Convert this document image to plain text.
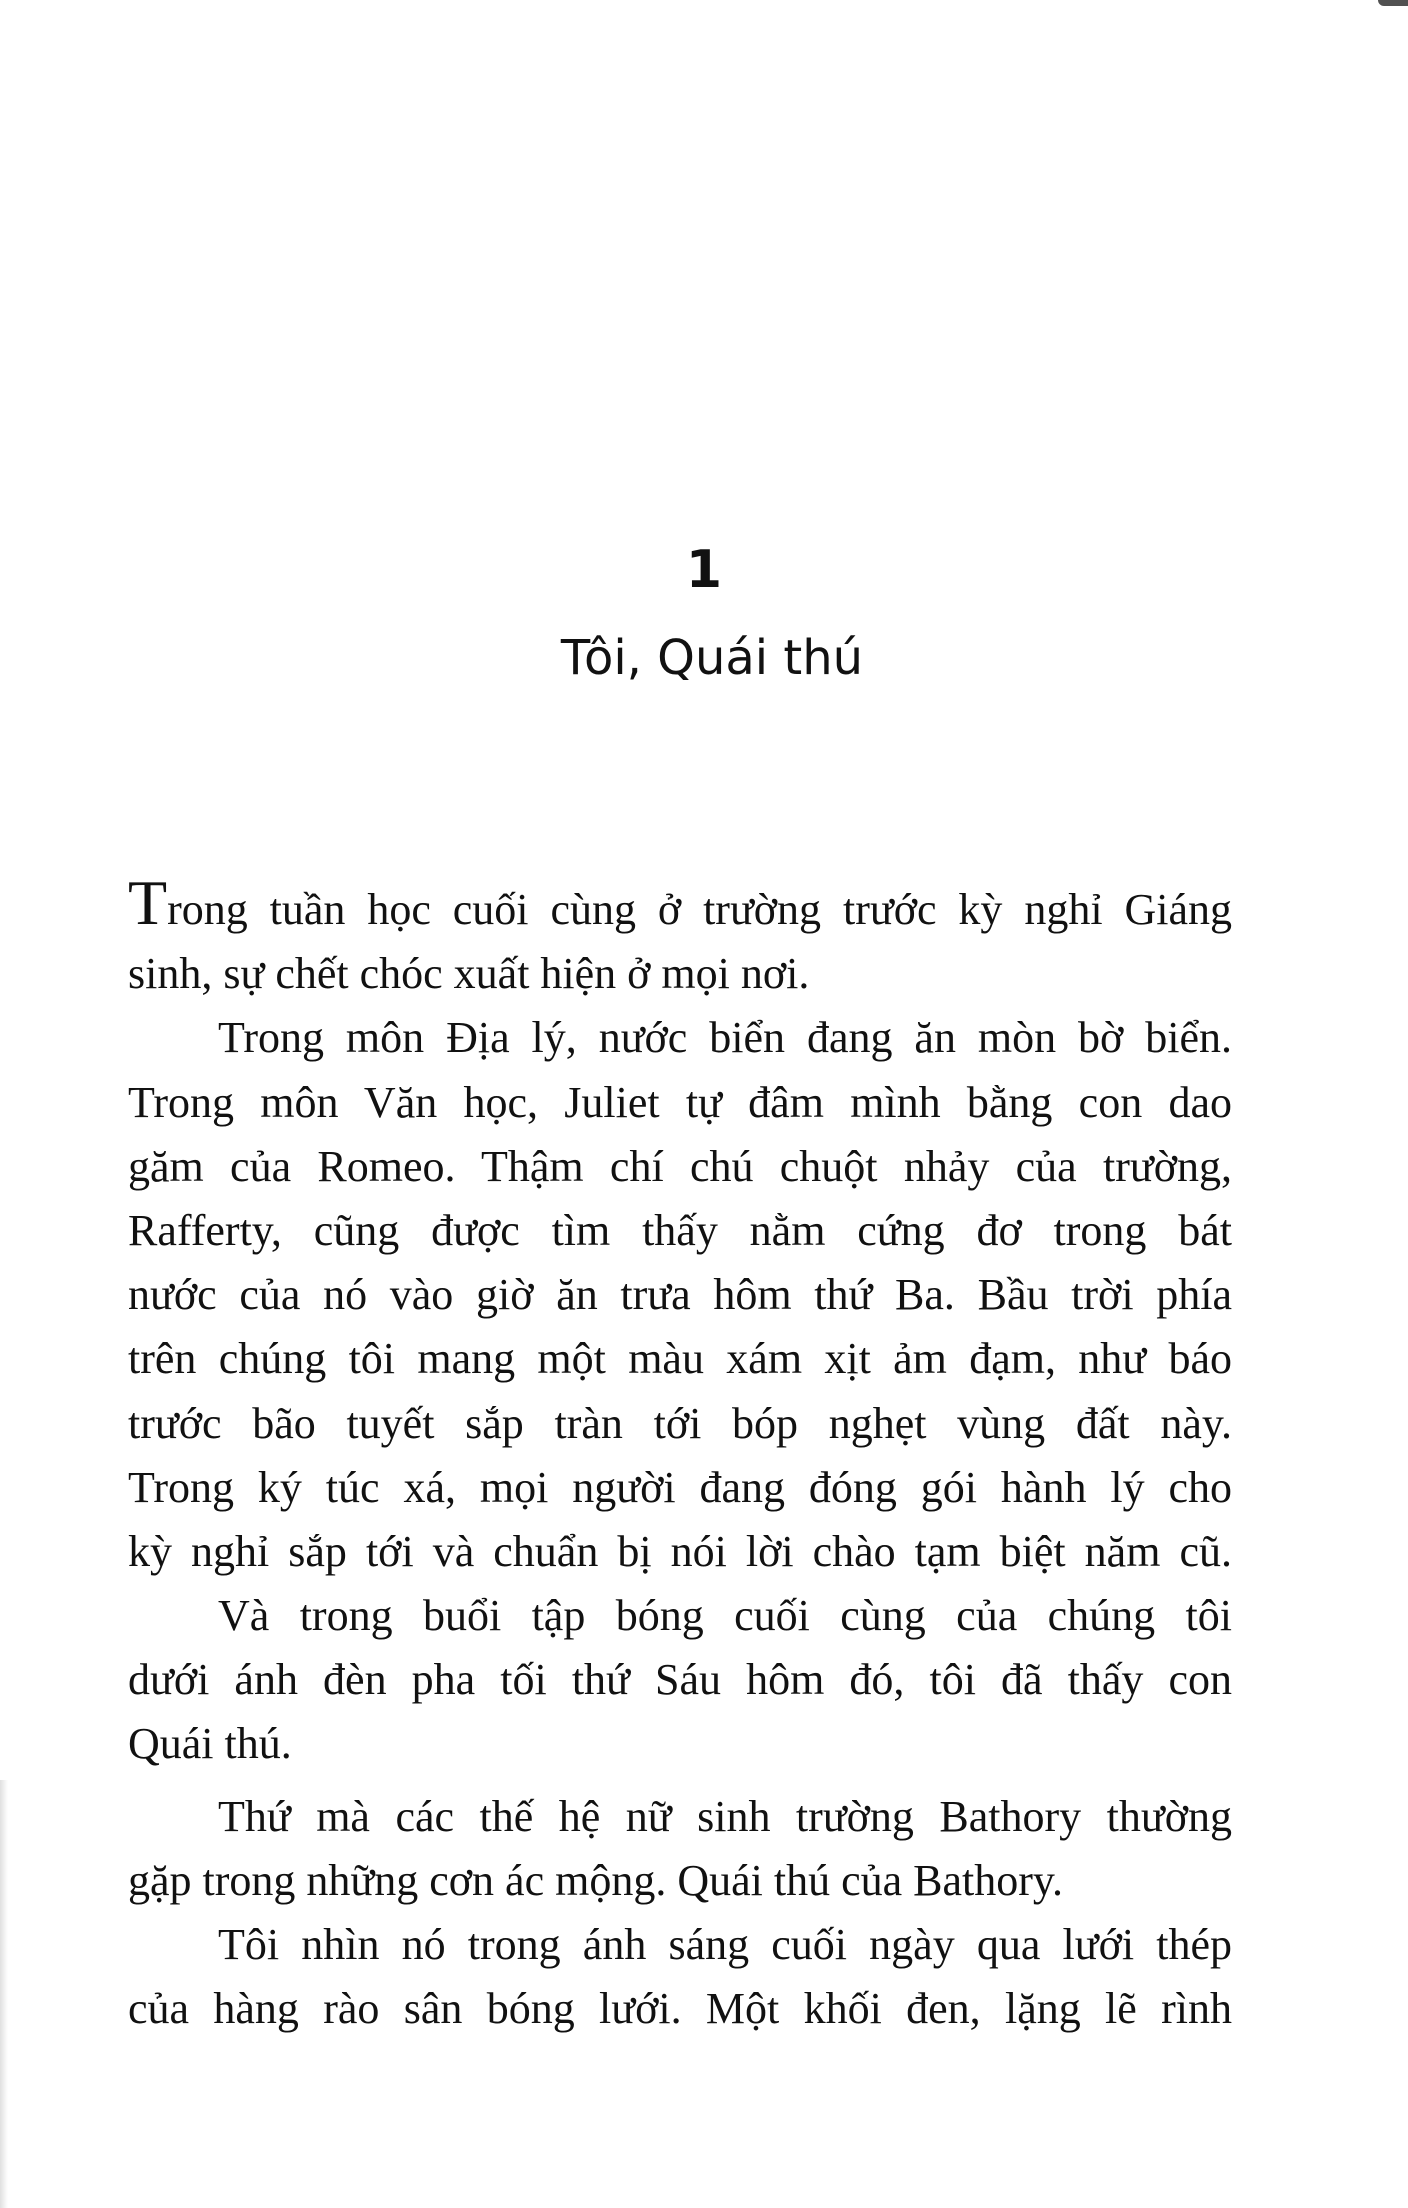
1
Tôi, Quái thú
Trong tuần học cuối cùng ở trường trước kỳ nghỉ Giáng
sinh, sự chết chóc xuất hiện ở mọi nơi.
Trong môn Địa lý, nước biển đang ăn mòn bờ biển.
Trong môn Văn học, Juliet tự đâm mình bằng con dao
găm của Romeo. Thậm chí chú chuột nhảy của trường,
Rafferty, cũng được tìm thấy nằm cứng đơ trong bát
nước của nó vào giờ ăn trưa hôm thứ Ba. Bầu trời phía
trên chúng tôi mang một màu xám xịt ảm đạm, như báo
trước bão tuyết sắp tràn tới bóp nghẹt vùng đất này.
Trong ký túc xá, mọi người đang đóng gói hành lý cho
kỳ nghỉ sắp tới và chuẩn bị nói lời chào tạm biệt năm cũ.
Và trong buổi tập bóng cuối cùng của chúng tôi
dưới ánh đèn pha tối thứ Sáu hôm đó, tôi đã thấy con
Quái thú.
Thứ mà các thế hệ nữ sinh trường Bathory thường
gặp trong những cơn ác mộng. Quái thú của Bathory.
Tôi nhìn nó trong ánh sáng cuối ngày qua lưới thép
của hàng rào sân bóng lưới. Một khối đen, lặng lẽ rình
